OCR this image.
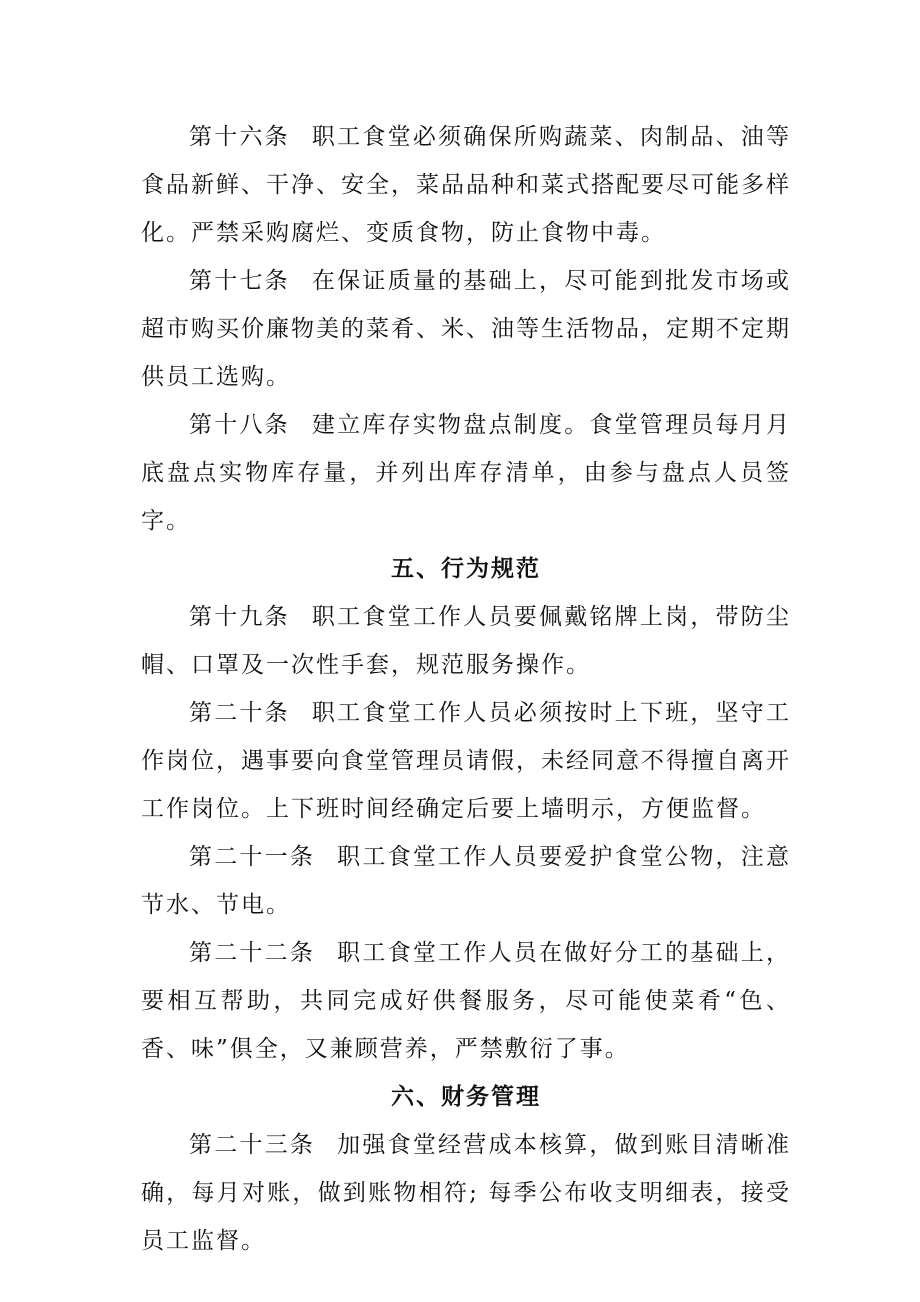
第十六条 职工食堂必须确保所购蔬菜、肉制品、油等食品新鲜、干净、安全，菜品品种和菜式搭配要尽可能多样化。严禁采购腐烂、变质食物，防止食物中毒。

第十七条 在保证质量的基础上，尽可能到批发市场或超市购买价廉物美的菜肴、米、油等生活物品，定期不定期供员工选购。

第十八条 建立库存实物盘点制度。食堂管理员每月月底盘点实物库存量，并列出库存清单，由参与盘点人员签字。

五、行为规范

第十九条 职工食堂工作人员要佩戴铭牌上岗，带防尘帽、口罩及一次性手套，规范服务操作。

第二十条 职工食堂工作人员必须按时上下班，坚守工作岗位，遇事要向食堂管理员请假，未经同意不得擅自离开工作岗位。上下班时间经确定后要上墙明示，方便监督。

第二十一条 职工食堂工作人员要爱护食堂公物，注意节水、节电。

第二十二条 职工食堂工作人员在做好分工的基础上，要相互帮助，共同完成好供餐服务，尽可能使菜肴“色、香、味”俱全，又兼顾营养，严禁敷衍了事。

六、财务管理

第二十三条 加强食堂经营成本核算，做到账目清晰准确，每月对账，做到账物相符; 每季公布收支明细表，接受员工监督。
